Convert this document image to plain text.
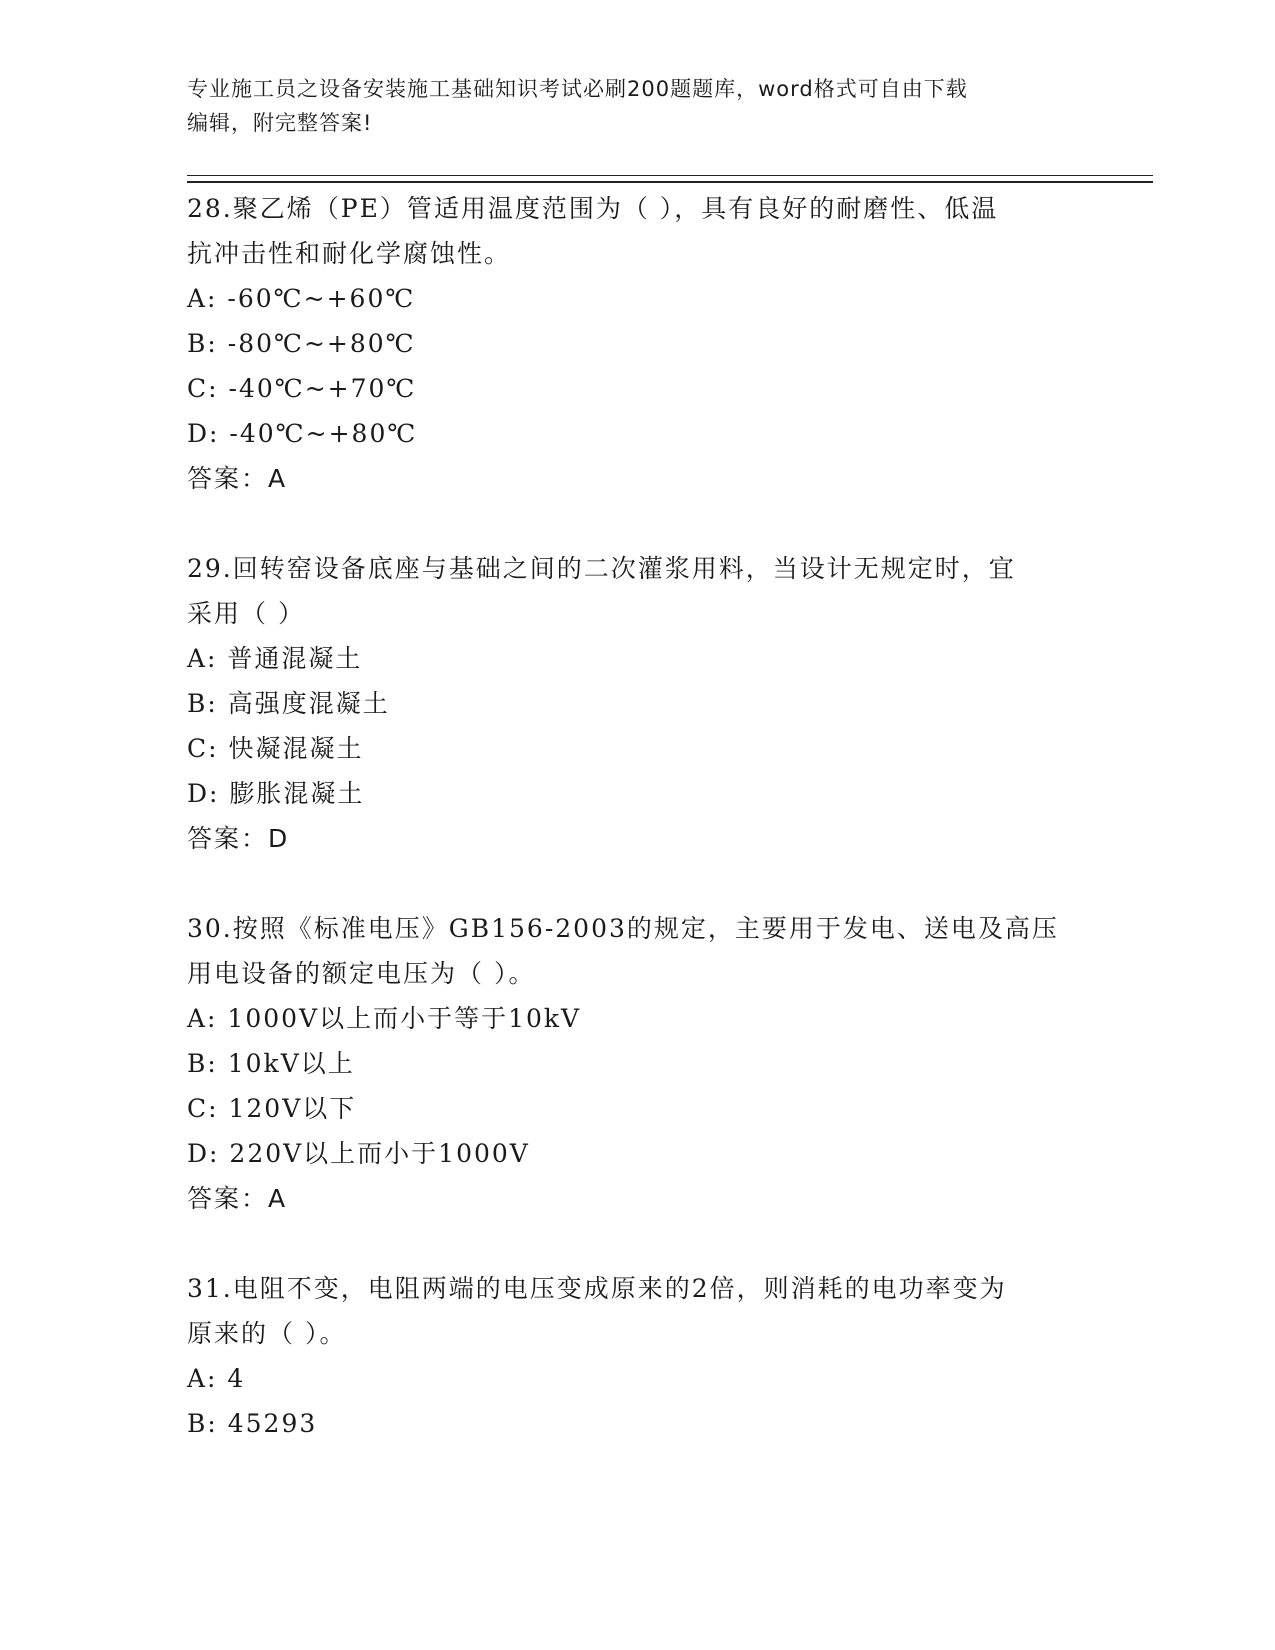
专业施工员之设备安装施工基础知识考试必刷200题题库，word格式可自由下载
编辑，附完整答案!
28.聚乙烯（PE）管适用温度范围为（ ），具有良好的耐磨性、低温
抗冲击性和耐化学腐蚀性。
A: -60℃~+60℃
B: -80℃~+80℃
C: -40℃~+70℃
D: -40℃~+80℃
答案：A
29.回转窑设备底座与基础之间的二次灌浆用料，当设计无规定时，宜
采用（ ）
A: 普通混凝土
B: 高强度混凝土
C: 快凝混凝土
D: 膨胀混凝土
答案：D
30.按照《标准电压》GB156-2003的规定，主要用于发电、送电及高压
用电设备的额定电压为（ ）。
A: 1000V以上而小于等于10kV
B: 10kV以上
C: 120V以下
D: 220V以上而小于1000V
答案：A
31.电阻不变，电阻两端的电压变成原来的2倍，则消耗的电功率变为
原来的（ ）。
A: 4
B: 45293
